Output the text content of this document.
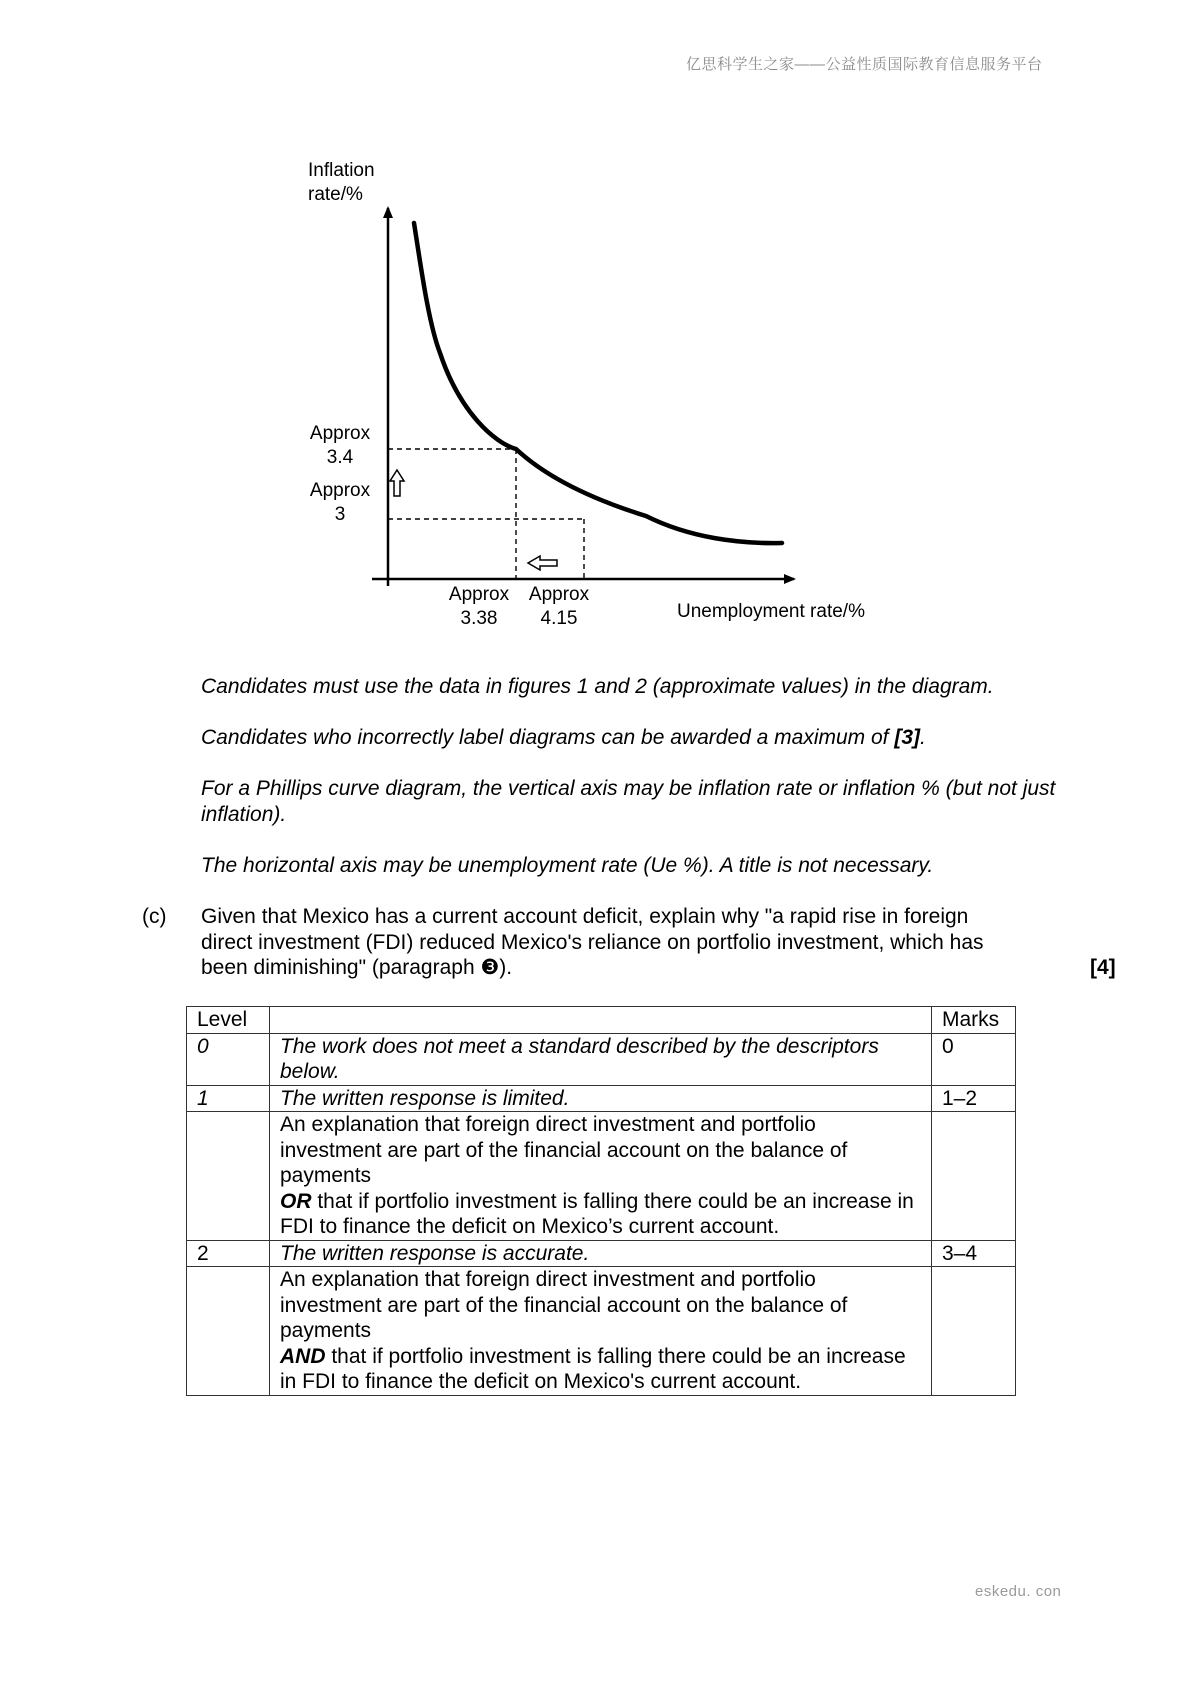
亿思科学生之家——公益性质国际教育信息服务平台
Inflation
rate/%
Unemployment rate/%
Approx
3.4
Approx
3
Approx
3.38
Approx
4.15

Candidates must use the data in figures 1 and 2 (approximate values) in the diagram.

Candidates who incorrectly label diagrams can be awarded a maximum of [3].

For a Phillips curve diagram, the vertical axis may be inflation rate or inflation % (but not just inflation).

The horizontal axis may be unemployment rate (Ue %). A title is not necessary.

(c) Given that Mexico has a current account deficit, explain why "a rapid rise in foreign direct investment (FDI) reduced Mexico's reliance on portfolio investment, which has been diminishing" (paragraph ❸).	[4]
Level		Marks
0	The work does not meet a standard described by the descriptors below.	0
1	The written response is limited.	1–2
	An explanation that foreign direct investment and portfolio investment are part of the financial account on the balance of payments
OR that if portfolio investment is falling there could be an increase in FDI to finance the deficit on Mexico’s current account.	
2	The written response is accurate.	3–4
	An explanation that foreign direct investment and portfolio investment are part of the financial account on the balance of payments
AND that if portfolio investment is falling there could be an increase in FDI to finance the deficit on Mexico's current account.	
eskedu. con
